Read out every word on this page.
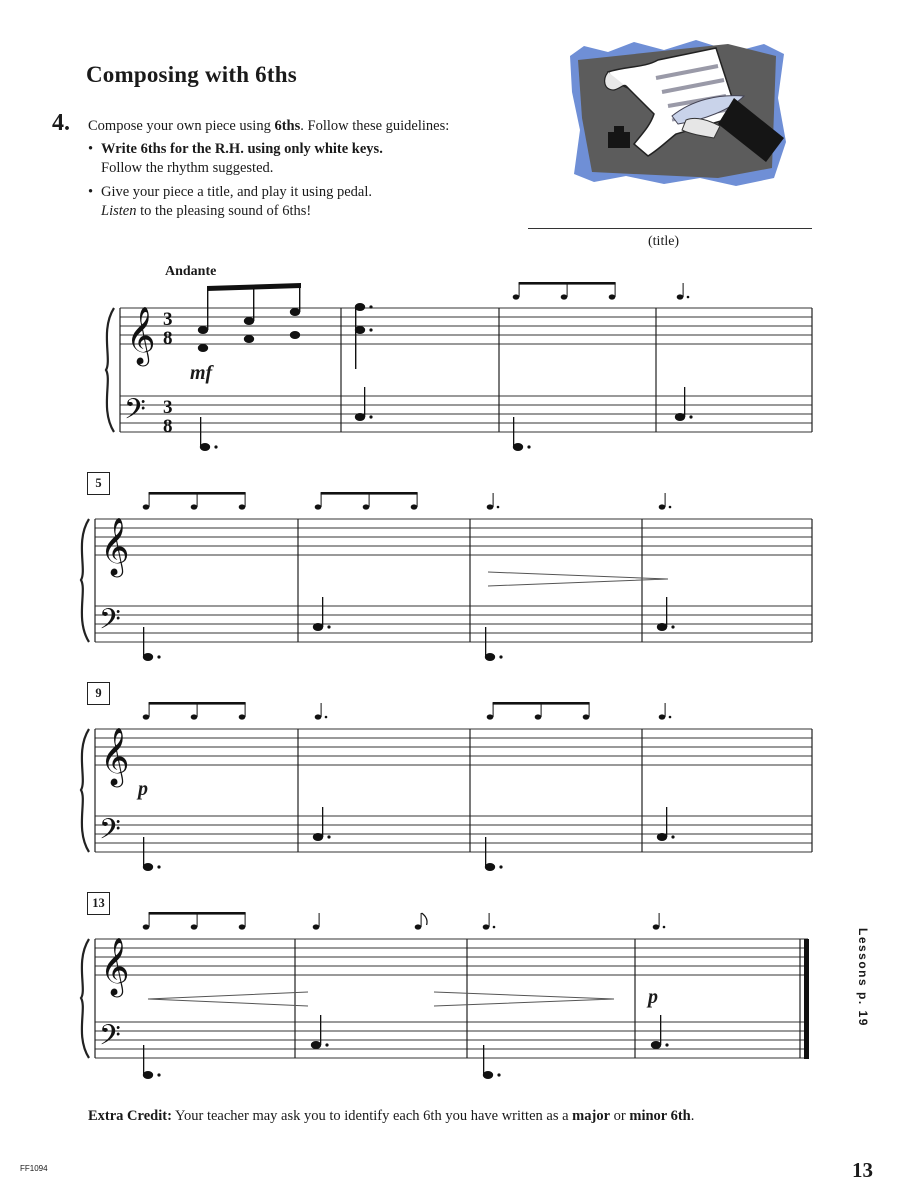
Composing with 6ths
4. Compose your own piece using 6ths. Follow these guidelines:
• Write 6ths for the R.H. using only white keys.
Follow the rhythm suggested.
• Give your piece a title, and play it using pedal.
Listen to the pleasing sound of 6ths!
(title)
Andante
𝄞
𝄢
𝄞
𝄢
𝄞
𝄢
𝄞
𝄢
3
8
3
8
mf
p
p
5
9
13
Lessons p. 19
Extra Credit: Your teacher may ask you to identify each 6th you have written as a major or minor 6th.
FF1094	13
